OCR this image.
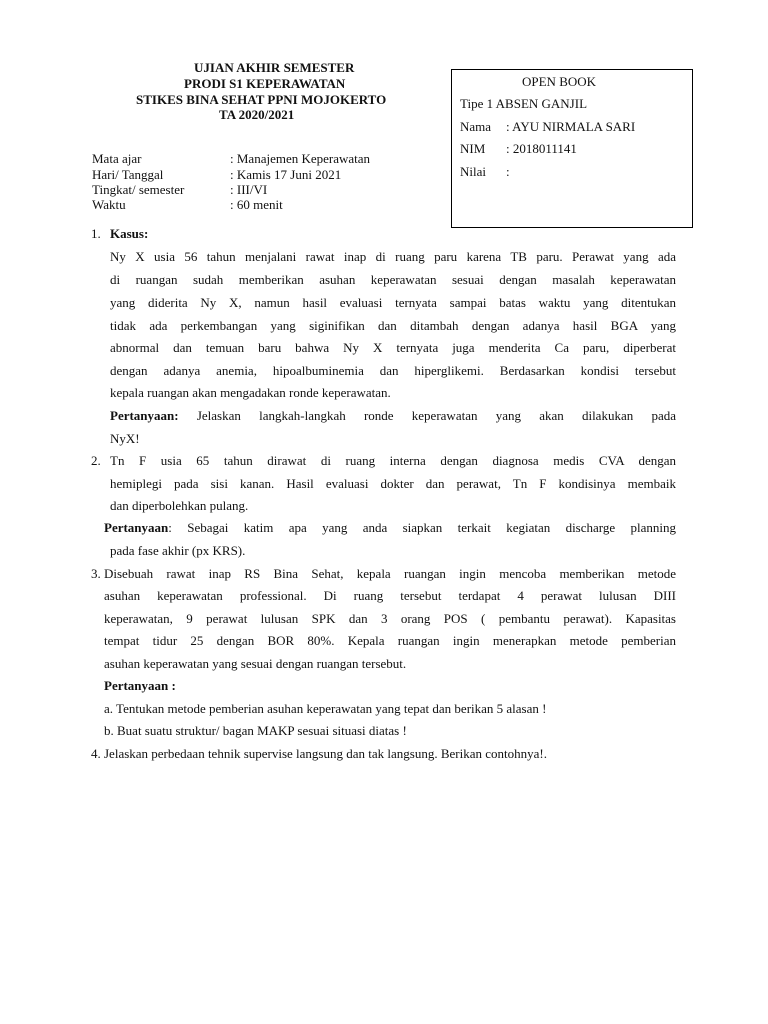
UJIAN AKHIR SEMESTER
PRODI S1 KEPERAWATAN
STIKES BINA SEHAT PPNI MOJOKERTO
TA 2020/2021
Mata ajar	: Manajemen Keperawatan
Hari/ Tanggal	: Kamis 17 Juni 2021
Tingkat/ semester	: III/VI
Waktu	: 60 menit
OPEN BOOK
Tipe 1 ABSEN GANJIL
Nama : AYU NIRMALA SARI
NIM : 2018011141
Nilai :
1. Kasus:
Ny X usia 56 tahun menjalani rawat inap di ruang paru karena TB paru. Perawat yang ada
di ruangan sudah memberikan asuhan keperawatan sesuai dengan masalah keperawatan
yang diderita Ny X, namun hasil evaluasi ternyata sampai batas waktu yang ditentukan
tidak ada perkembangan yang siginifikan dan ditambah dengan adanya hasil BGA yang
abnormal dan temuan baru bahwa Ny X ternyata juga menderita Ca paru, diperberat
dengan adanya anemia, hipoalbuminemia dan hiperglikemi. Berdasarkan kondisi tersebut
kepala ruangan akan mengadakan ronde keperawatan.
Pertanyaan: Jelaskan langkah-langkah ronde keperawatan yang akan dilakukan pada
NyX!
2. Tn F usia 65 tahun dirawat di ruang interna dengan diagnosa medis CVA dengan
hemiplegi pada sisi kanan. Hasil evaluasi dokter dan perawat, Tn F kondisinya membaik
dan diperbolehkan pulang.
Pertanyaan: Sebagai katim apa yang anda siapkan terkait kegiatan discharge planning
pada fase akhir (px KRS).
3. Disebuah rawat inap RS Bina Sehat, kepala ruangan ingin mencoba memberikan metode
asuhan keperawatan professional. Di ruang tersebut terdapat 4 perawat lulusan DIII
keperawatan, 9 perawat lulusan SPK dan 3 orang POS ( pembantu perawat). Kapasitas
tempat tidur 25 dengan BOR 80%. Kepala ruangan ingin menerapkan metode pemberian
asuhan keperawatan yang sesuai dengan ruangan tersebut.
Pertanyaan :
a. Tentukan metode pemberian asuhan keperawatan yang tepat dan berikan 5 alasan !
b. Buat suatu struktur/ bagan MAKP sesuai situasi diatas !
4. Jelaskan perbedaan tehnik supervise langsung dan tak langsung. Berikan contohnya!.
